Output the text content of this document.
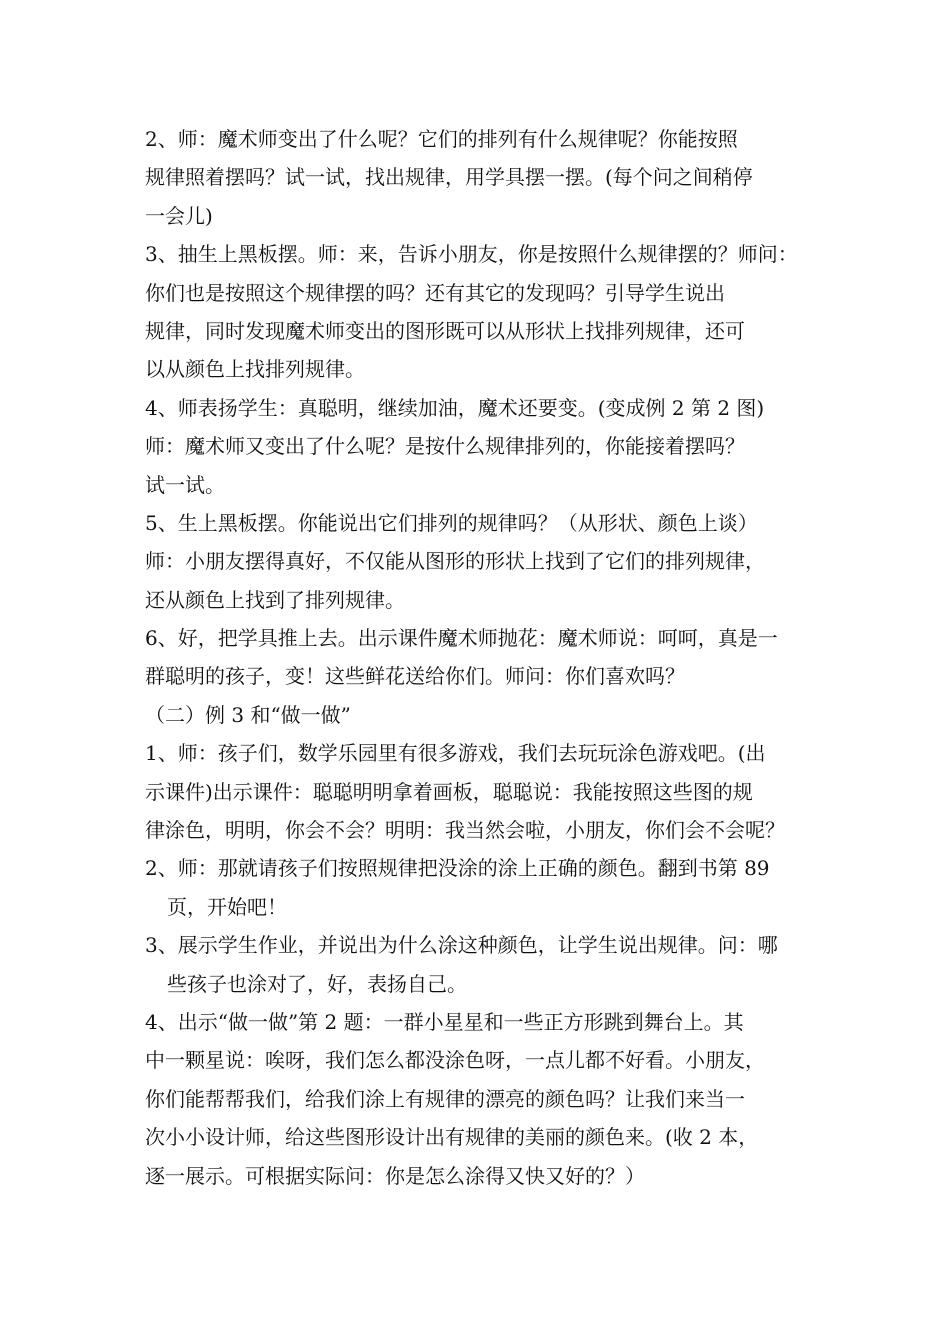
2、师：魔术师变出了什么呢？它们的排列有什么规律呢？你能按照
规律照着摆吗？试一试，找出规律，用学具摆一摆。(每个问之间稍停
一会儿)
3、抽生上黑板摆。师：来，告诉小朋友，你是按照什么规律摆的？师问：
你们也是按照这个规律摆的吗？还有其它的发现吗？引导学生说出
规律，同时发现魔术师变出的图形既可以从形状上找排列规律，还可
以从颜色上找排列规律。
4、师表扬学生：真聪明，继续加油，魔术还要变。(变成例 2 第 2 图)
师：魔术师又变出了什么呢？是按什么规律排列的，你能接着摆吗？
试一试。
5、生上黑板摆。你能说出它们排列的规律吗？（从形状、颜色上谈）
师：小朋友摆得真好，不仅能从图形的形状上找到了它们的排列规律，
还从颜色上找到了排列规律。
6、好，把学具推上去。出示课件魔术师抛花：魔术师说：呵呵，真是一
群聪明的孩子，变！这些鲜花送给你们。师问：你们喜欢吗？
（二）例 3 和“做一做”
1、师：孩子们，数学乐园里有很多游戏，我们去玩玩涂色游戏吧。(出
示课件)出示课件：聪聪明明拿着画板，聪聪说：我能按照这些图的规
律涂色，明明，你会不会？明明：我当然会啦，小朋友，你们会不会呢？
2、师：那就请孩子们按照规律把没涂的涂上正确的颜色。翻到书第 89
页，开始吧！
3、展示学生作业，并说出为什么涂这种颜色，让学生说出规律。问：哪
些孩子也涂对了，好，表扬自己。
4、出示“做一做”第 2 题：一群小星星和一些正方形跳到舞台上。其
中一颗星说：唉呀，我们怎么都没涂色呀，一点儿都不好看。小朋友，
你们能帮帮我们，给我们涂上有规律的漂亮的颜色吗？让我们来当一
次小小设计师，给这些图形设计出有规律的美丽的颜色来。(收 2 本，
逐一展示。可根据实际问：你是怎么涂得又快又好的？）
